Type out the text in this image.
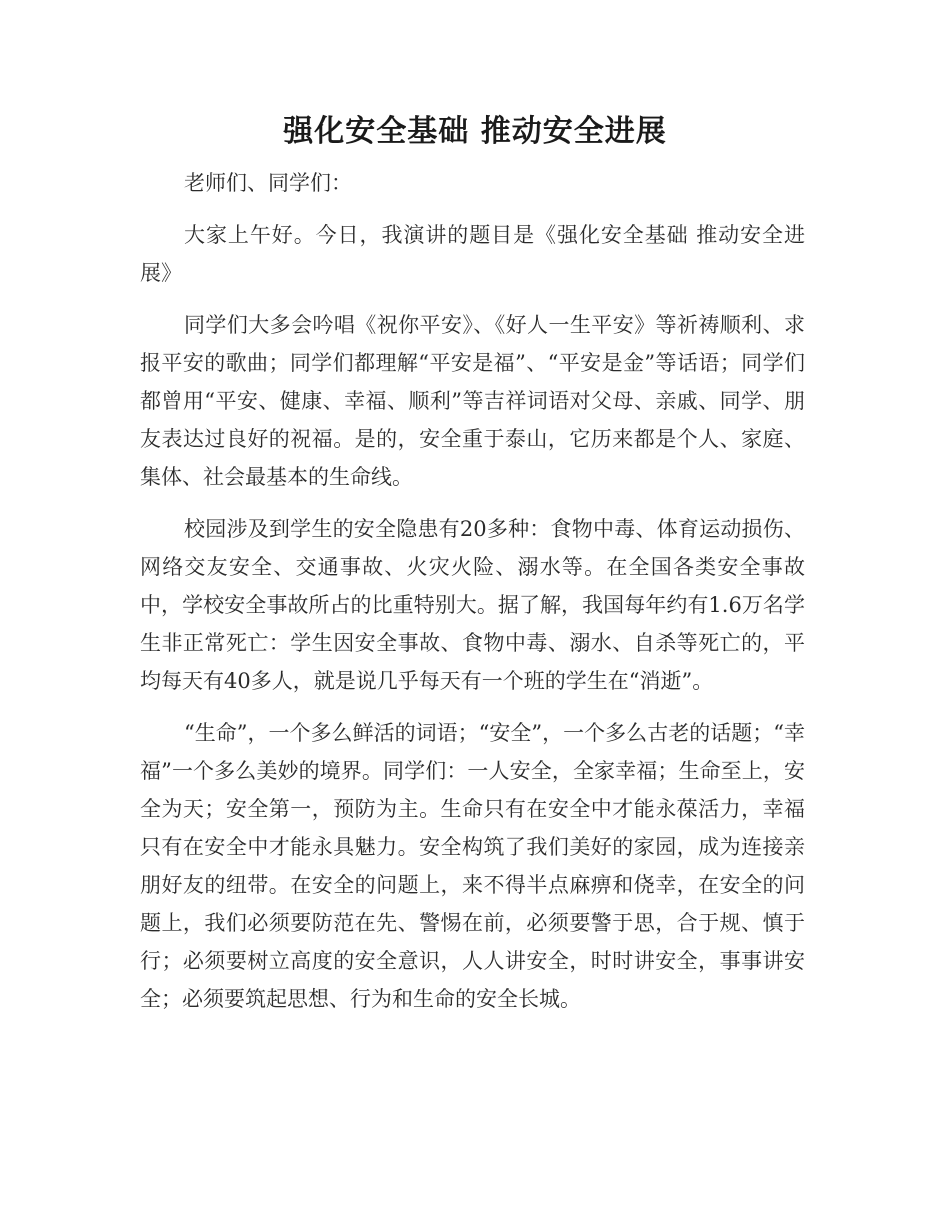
强化安全基础 推动安全进展

老师们、同学们：

大家上午好。今日，我演讲的题目是《强化安全基础 推动安全进展》

同学们大多会吟唱《祝你平安》、《好人一生平安》等祈祷顺利、求报平安的歌曲；同学们都理解“平安是福”、“平安是金”等话语；同学们都曾用“平安、健康、幸福、顺利”等吉祥词语对父母、亲戚、同学、朋友表达过良好的祝福。是的，安全重于泰山，它历来都是个人、家庭、集体、社会最基本的生命线。

校园涉及到学生的安全隐患有20多种：食物中毒、体育运动损伤、网络交友安全、交通事故、火灾火险、溺水等。在全国各类安全事故中，学校安全事故所占的比重特别大。据了解，我国每年约有1.6万名学生非正常死亡：学生因安全事故、食物中毒、溺水、自杀等死亡的，平均每天有40多人，就是说几乎每天有一个班的学生在“消逝”。

“生命”，一个多么鲜活的词语；“安全”，一个多么古老的话题；“幸福”一个多么美妙的境界。同学们：一人安全，全家幸福；生命至上，安全为天；安全第一，预防为主。生命只有在安全中才能永葆活力，幸福只有在安全中才能永具魅力。安全构筑了我们美好的家园，成为连接亲朋好友的纽带。在安全的问题上，来不得半点麻痹和侥幸，在安全的问题上，我们必须要防范在先、警惕在前，必须要警于思，合于规、慎于行；必须要树立高度的安全意识，人人讲安全，时时讲安全，事事讲安全；必须要筑起思想、行为和生命的安全长城。
